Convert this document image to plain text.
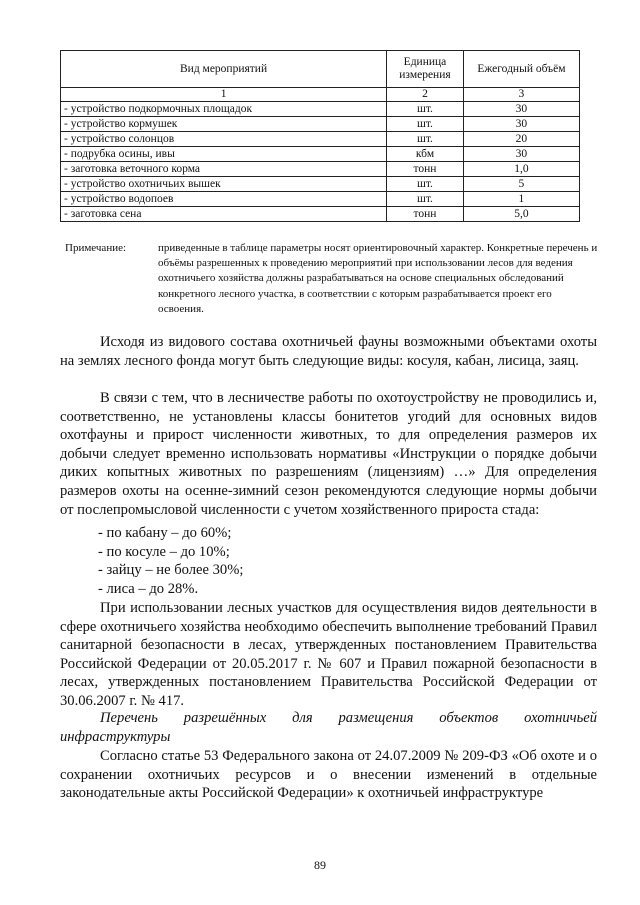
Вид мероприятий	Единица измерения	Ежегодный объём
1	2	3
- устройство подкормочных площадок	шт.	30
- устройство кормушек	шт.	30
- устройство солонцов	шт.	20
- подрубка осины, ивы	кбм	30
- заготовка веточного корма	тонн	1,0
- устройство охотничьих вышек	шт.	5
- устройство водопоев	шт.	1
- заготовка сена	тонн	5,0
Примечание:	приведенные в таблице параметры носят ориентировочный характер. Конкретные перечень и объёмы разрешенных к проведению мероприятий при использовании лесов для ведения охотничьего хозяйства должны разрабатываться на основе специальных обследований конкретного лесного участка, в соответствии с которым разрабатывается проект его освоения.

Исходя из видового состава охотничьей фауны возможными объектами охоты на землях лесного фонда могут быть следующие виды: косуля, кабан, лисица, заяц.

В связи с тем, что в лесничестве работы по охотоустройству не проводились и, соответственно, не установлены классы бонитетов угодий для основных видов охотфауны и прирост численности животных, то для определения размеров их добычи следует временно использовать нормативы «Инструкции о порядке добычи диких копытных животных по разрешениям (лицензиям) …» Для определения размеров охоты на осенне-зимний сезон рекомендуются следующие нормы добычи от послепромысловой численности с учетом хозяйственного прироста стада:

- по кабану – до 60%;
- по косуле – до 10%;
- зайцу – не более 30%;
- лиса – до 28%.

При использовании лесных участков для осуществления видов деятельности в сфере охотничьего хозяйства необходимо обеспечить выполнение требований Правил санитарной безопасности в лесах, утвержденных постановлением Правительства Российской Федерации от 20.05.2017 г. № 607 и Правил пожарной безопасности в лесах, утвержденных постановлением Правительства Российской Федерации от 30.06.2007 г. № 417.

Перечень разрешённых для размещения объектов охотничьей инфраструктуры

Согласно статье 53 Федерального закона от 24.07.2009 № 209-ФЗ «Об охоте и о сохранении охотничьих ресурсов и о внесении изменений в отдельные законодательные акты Российской Федерации» к охотничьей инфраструктуре

89
